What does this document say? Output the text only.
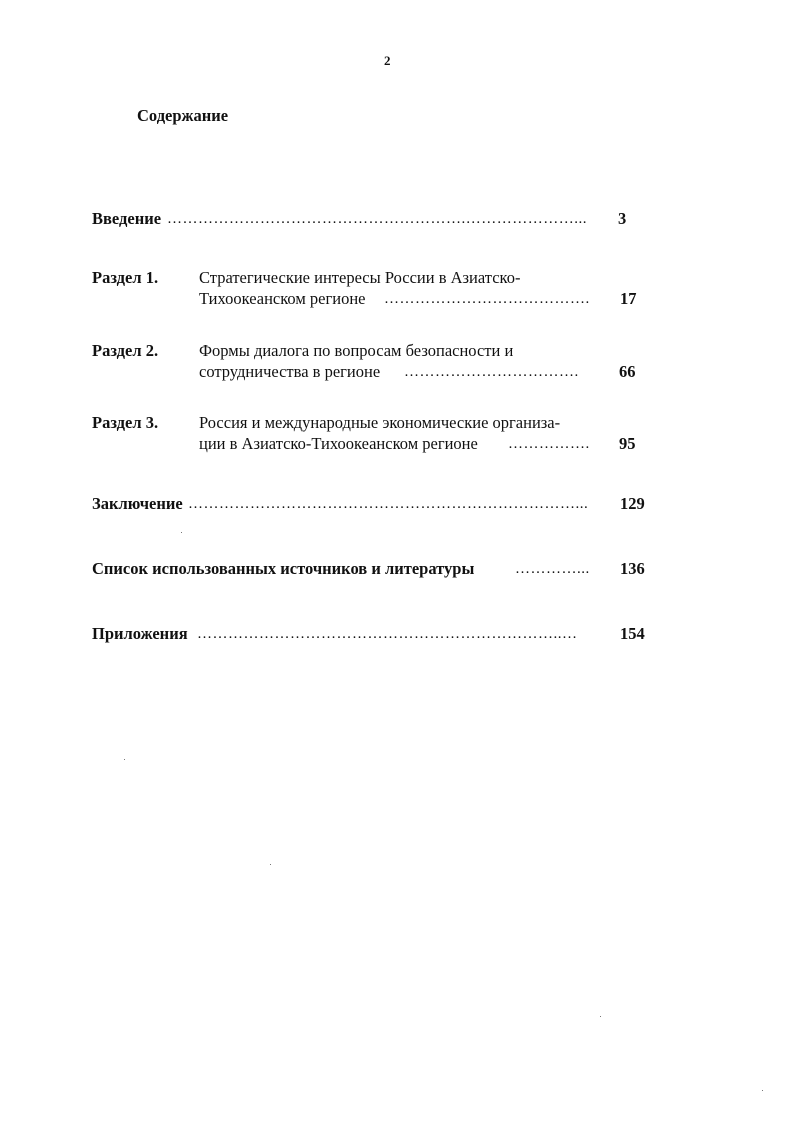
2
Содержание
Введение ………………………………………………….…………………...	3
Раздел 1. Стратегические интересы России в Азиатско-
Тихоокеанском регионе ………………………………….	17
Раздел 2. Формы диалога по вопросам безопасности и
сотрудничества в регионе …………………………….	66
Раздел 3. Россия и международные экономические организа-
ции в Азиатско-Тихоокеанском регионе …………….	95
Заключение …………………………………………………………………...	129
Список использованных источников и литературы	…………...	136
Приложения ……………………………………………………………..…	154
